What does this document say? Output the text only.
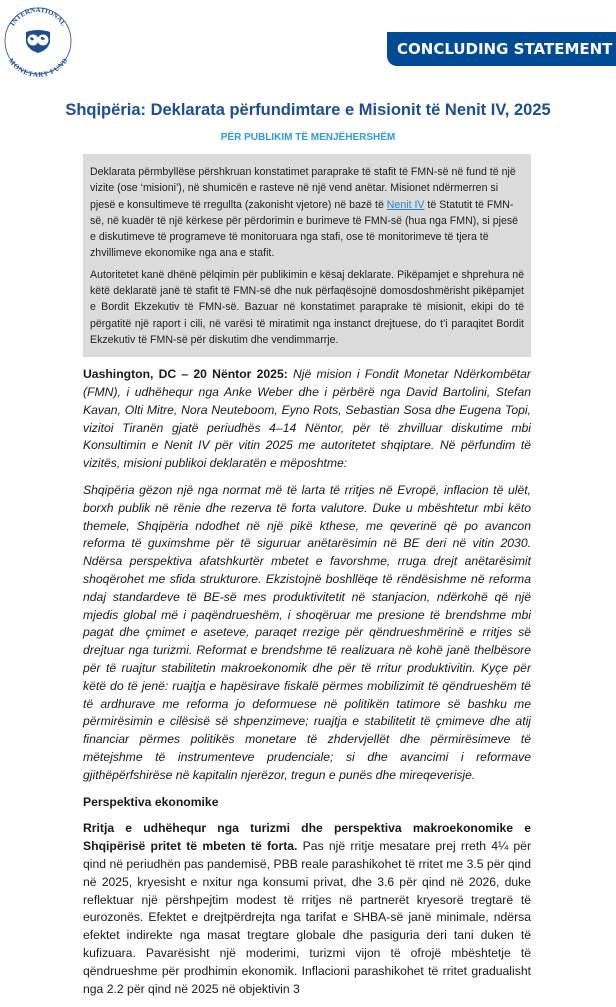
INTERNATIONAL
MONETARY FUND
CONCLUDING STATEMENT
Shqipëria: Deklarata përfundimtare e Misionit të Nenit IV, 2025
PËR PUBLIKIM TË MENJËHERSHËM

Deklarata përmbyllëse përshkruan konstatimet paraprake të stafit të FMN-së në fund të një vizite (ose ‘misioni’), në shumicën e rasteve në një vend anëtar. Misionet ndërmerren si pjesë e konsultimeve të rregullta (zakonisht vjetore) në bazë të Nenit IV të Statutit të FMN-së, në kuadër të një kërkese për përdorimin e burimeve të FMN-së (hua nga FMN), si pjesë e diskutimeve të programeve të monitoruara nga stafi, ose të monitorimeve të tjera të zhvillimeve ekonomike nga ana e stafit.

Autoritetet kanë dhënë pëlqimin për publikimin e kësaj deklarate. Pikëpamjet e shprehura në këtë deklaratë janë të stafit të FMN-së dhe nuk përfaqësojnë domosdoshmërisht pikëpamjet e Bordit Ekzekutiv të FMN-së. Bazuar në konstatimet paraprake të misionit, ekipi do të përgatitë një raport i cili, në varësi të miratimit nga instanct drejtuese, do t’i paraqitet Bordit Ekzekutiv të FMN-së për diskutim dhe vendimmarrje.

Uashington, DC – 20 Nëntor 2025: Një mision i Fondit Monetar Ndërkombëtar (FMN), i udhëhequr nga Anke Weber dhe i përbërë nga David Bartolini, Stefan Kavan, Olti Mitre, Nora Neuteboom, Eyno Rots, Sebastian Sosa dhe Eugena Topi, vizitoi Tiranën gjatë periudhës 4–14 Nëntor, për të zhvilluar diskutime mbi Konsultimin e Nenit IV për vitin 2025 me autoritetet shqiptare. Në përfundim të vizitës, misioni publikoi deklaratën e mëposhtme:

Shqipëria gëzon një nga normat më të larta të rritjes në Evropë, inflacion të ulët, borxh publik në rënie dhe rezerva të forta valutore. Duke u mbështetur mbi këto themele, Shqipëria ndodhet në një pikë kthese, me qeverinë që po avancon reforma të guximshme për të siguruar anëtarësimin në BE deri në vitin 2030. Ndërsa perspektiva afatshkurtër mbetet e favorshme, rruga drejt anëtarësimit shoqërohet me sfida strukturore. Ekzistojnë boshllëqe të rëndësishme në reforma ndaj standardeve të BE-së mes produktivitetit në stanjacion, ndërkohë që një mjedis global më i paqëndrueshëm, i shoqëruar me presione të brendshme mbi pagat dhe çmimet e aseteve, paraqet rrezige për qëndrueshmërinë e rritjes së drejtuar nga turizmi. Reformat e brendshme të realizuara në kohë janë thelbësore për të ruajtur stabilitetin makroekonomik dhe për të rritur produktivitin. Kyçe për këtë do të jenë: ruajtja e hapësirave fiskalë përmes mobilizimit të qëndrueshëm të të ardhurave me reforma jo deformuese në politikën tatimore së bashku me përmirësimin e cilësisë së shpenzimeve; ruajtja e stabilitetit të çmimeve dhe atij financiar përmes politikës monetare të zhdervjellët dhe përmirësimeve të mëtejshme të instrumenteve prudenciale; si dhe avancimi i reformave gjithëpërfshirëse në kapitalin njerëzor, tregun e punës dhe mireqeverisje.

Perspektiva ekonomike

Rritja e udhëhequr nga turizmi dhe perspektiva makroekonomike e Shqipërisë pritet të mbeten të forta. Pas një rritje mesatare prej rreth 4¼ për qind në periudhën pas pandemisë, PBB reale parashikohet të rritet me 3.5 për qind në 2025, kryesisht e nxitur nga konsumi privat, dhe 3.6 për qind në 2026, duke reflektuar një përshpejtim modest të rritjes në partnerët kryesorë tregtarë të eurozonës. Efektet e drejtpërdrejta nga tarifat e SHBA-së janë minimale, ndërsa efektet indirekte nga masat tregtare globale dhe pasiguria deri tani duken të kufizuara. Pavarësisht një moderimi, turizmi vijon të ofrojë mbështetje të qëndrueshme për prodhimin ekonomik. Inflacioni parashikohet të rritet gradualisht nga 2.2 për qind në 2025 në objektivin 3
